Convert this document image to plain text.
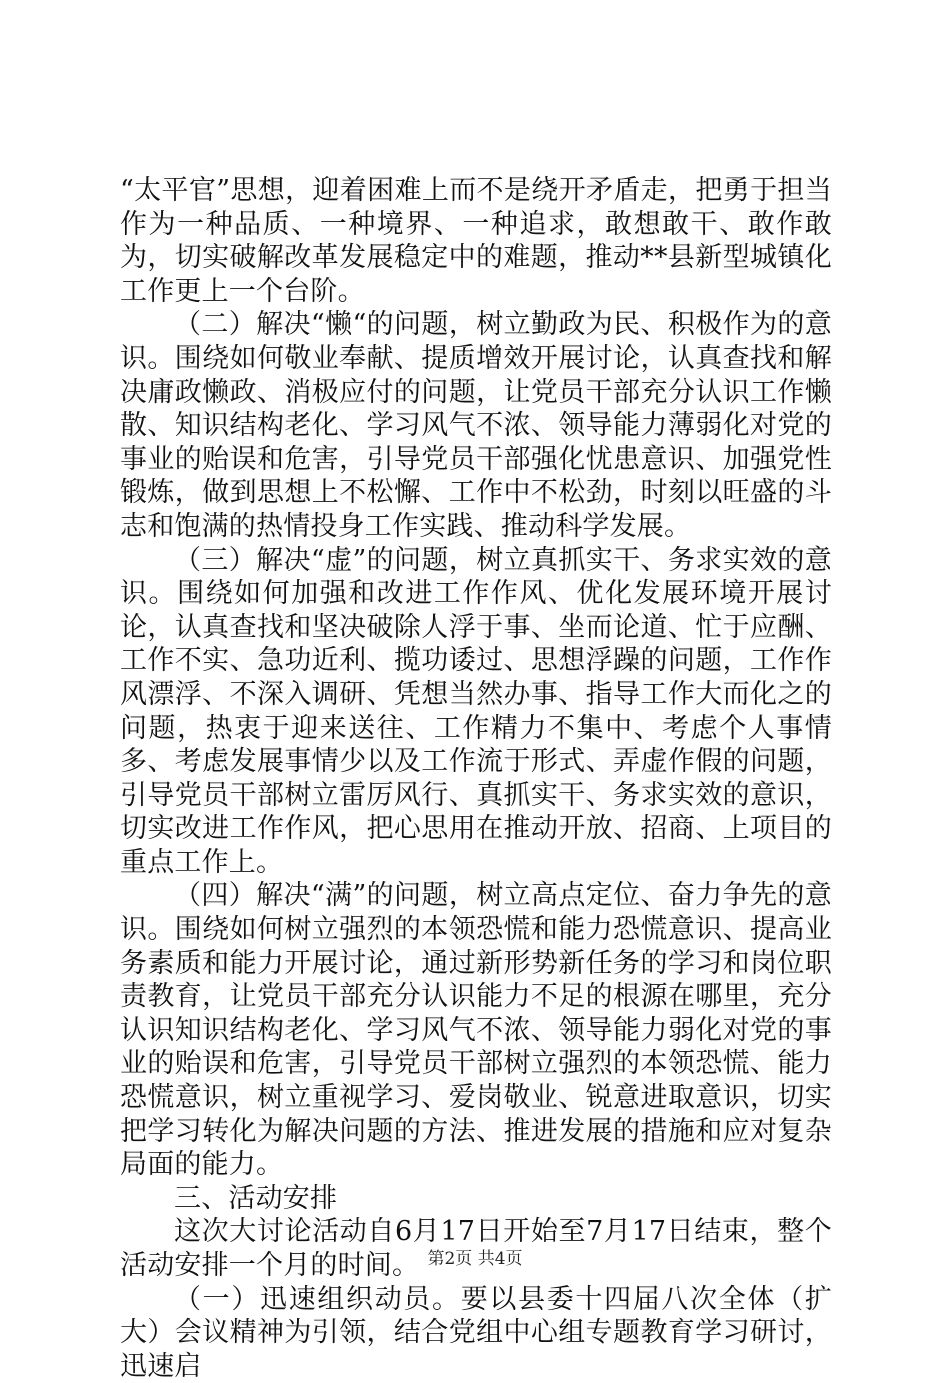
“太平官”思想，迎着困难上而不是绕开矛盾走，把勇于担当作为一种品质、一种境界、一种追求，敢想敢干、敢作敢为，切实破解改革发展稳定中的难题，推动**县新型城镇化工作更上一个台阶。

（二）解决“懒“的问题，树立勤政为民、积极作为的意识。围绕如何敬业奉献、提质增效开展讨论，认真查找和解决庸政懒政、消极应付的问题，让党员干部充分认识工作懒散、知识结构老化、学习风气不浓、领导能力薄弱化对党的事业的贻误和危害，引导党员干部强化忧患意识、加强党性锻炼，做到思想上不松懈、工作中不松劲，时刻以旺盛的斗志和饱满的热情投身工作实践、推动科学发展。

（三）解决“虚”的问题，树立真抓实干、务求实效的意识。围绕如何加强和改进工作作风、优化发展环境开展讨论，认真查找和坚决破除人浮于事、坐而论道、忙于应酬、工作不实、急功近利、揽功诿过、思想浮躁的问题，工作作风漂浮、不深入调研、凭想当然办事、指导工作大而化之的问题，热衷于迎来送往、工作精力不集中、考虑个人事情多、考虑发展事情少以及工作流于形式、弄虚作假的问题，引导党员干部树立雷厉风行、真抓实干、务求实效的意识，切实改进工作作风，把心思用在推动开放、招商、上项目的重点工作上。

（四）解决“满”的问题，树立高点定位、奋力争先的意识。围绕如何树立强烈的本领恐慌和能力恐慌意识、提高业务素质和能力开展讨论，通过新形势新任务的学习和岗位职责教育，让党员干部充分认识能力不足的根源在哪里，充分认识知识结构老化、学习风气不浓、领导能力弱化对党的事业的贻误和危害，引导党员干部树立强烈的本领恐慌、能力恐慌意识，树立重视学习、爱岗敬业、锐意进取意识，切实把学习转化为解决问题的方法、推进发展的措施和应对复杂局面的能力。

三、活动安排

这次大讨论活动自6月17日开始至7月17日结束，整个活动安排一个月的时间。

（一）迅速组织动员。要以县委十四届八次全体（扩大）会议精神为引领，结合党组中心组专题教育学习研讨，迅速启

第2页 共4页
